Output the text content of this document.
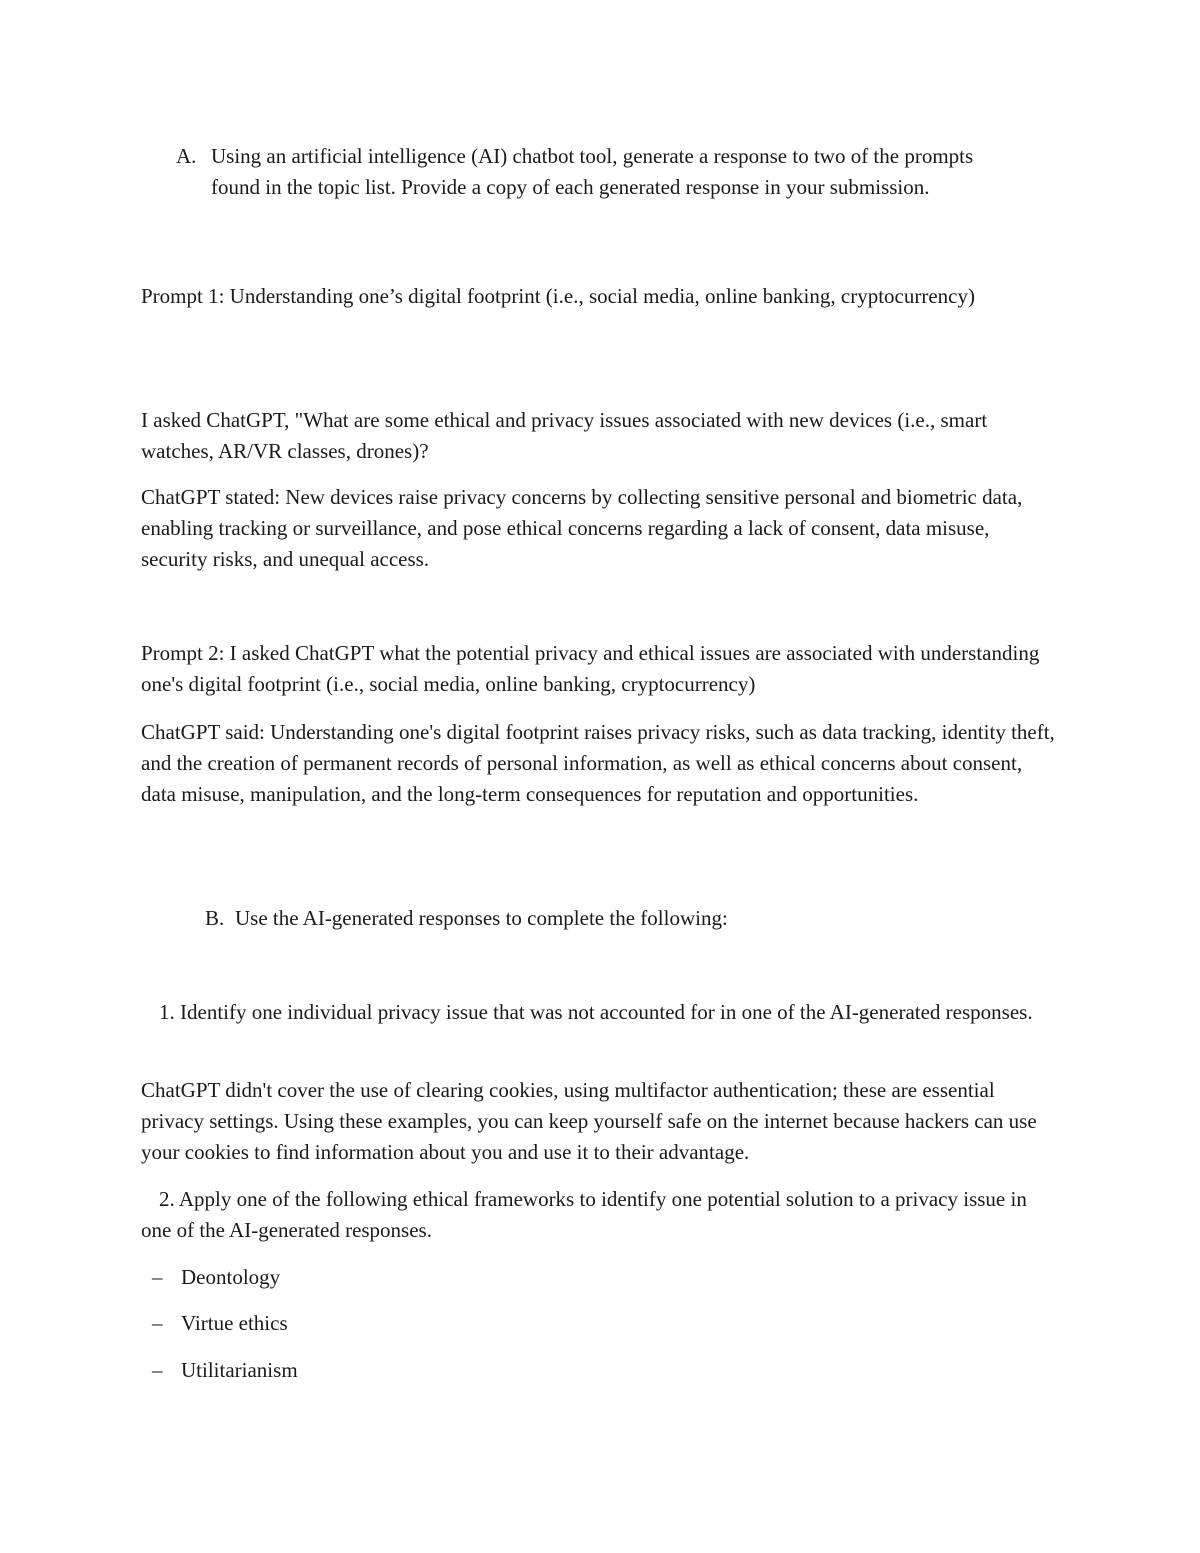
A. Using an artificial intelligence (AI) chatbot tool, generate a response to two of the prompts found in the topic list. Provide a copy of each generated response in your submission.

Prompt 1: Understanding one’s digital footprint (i.e., social media, online banking, cryptocurrency)

I asked ChatGPT, "What are some ethical and privacy issues associated with new devices (i.e., smart watches, AR/VR classes, drones)?

ChatGPT stated: New devices raise privacy concerns by collecting sensitive personal and biometric data, enabling tracking or surveillance, and pose ethical concerns regarding a lack of consent, data misuse, security risks, and unequal access.

Prompt 2: I asked ChatGPT what the potential privacy and ethical issues are associated with understanding one's digital footprint (i.e., social media, online banking, cryptocurrency)

ChatGPT said: Understanding one's digital footprint raises privacy risks, such as data tracking, identity theft, and the creation of permanent records of personal information, as well as ethical concerns about consent, data misuse, manipulation, and the long-term consequences for reputation and opportunities.

B. Use the AI-generated responses to complete the following:

1. Identify one individual privacy issue that was not accounted for in one of the AI-generated responses.

ChatGPT didn't cover the use of clearing cookies, using multifactor authentication; these are essential privacy settings. Using these examples, you can keep yourself safe on the internet because hackers can use your cookies to find information about you and use it to their advantage.

2. Apply one of the following ethical frameworks to identify one potential solution to a privacy issue in one of the AI-generated responses.

– Deontology
– Virtue ethics
– Utilitarianism
